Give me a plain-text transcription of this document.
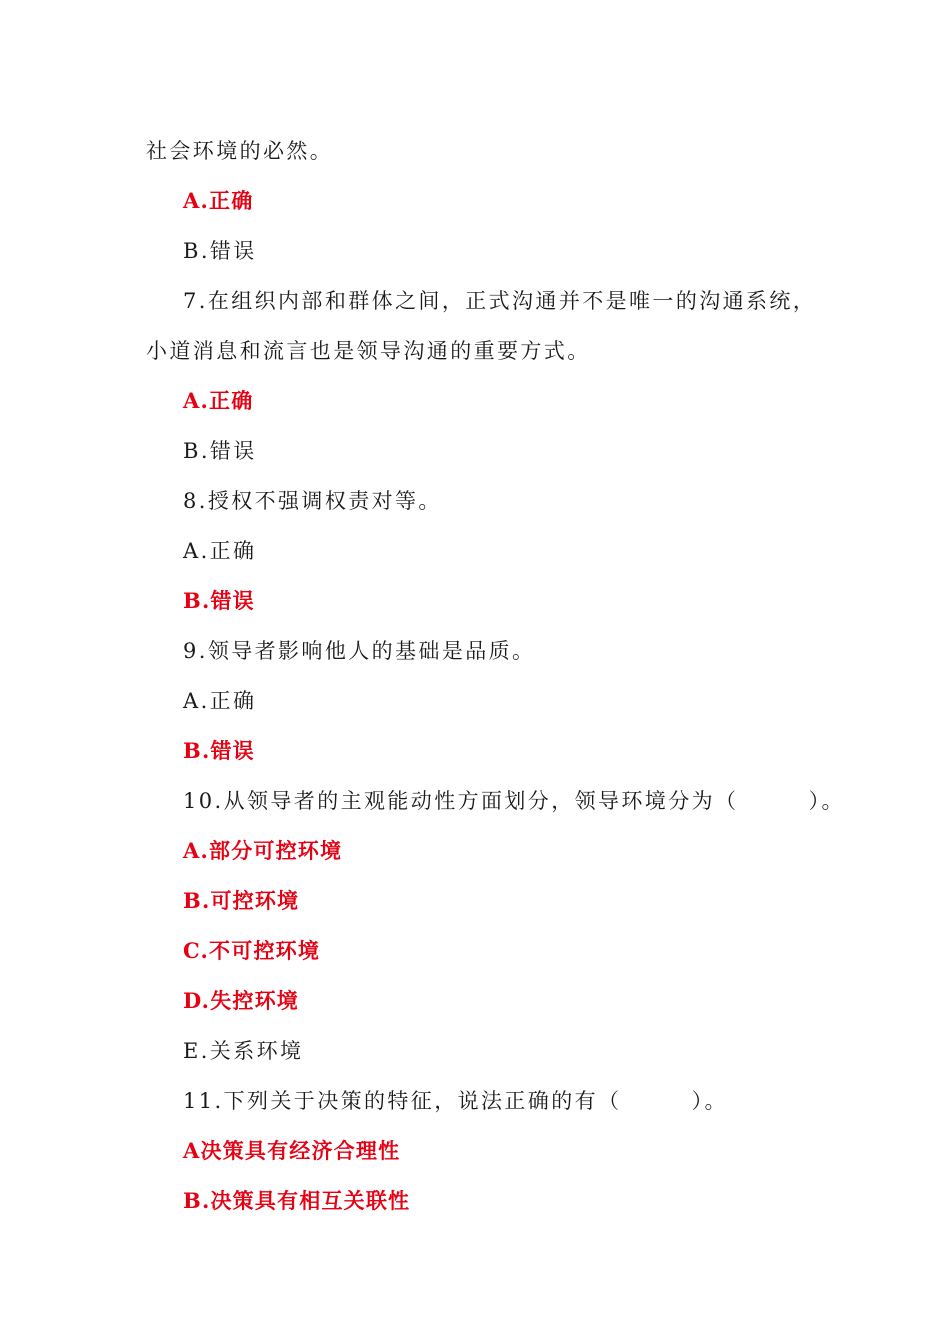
社会环境的必然。

A.正确

B.错误

7.在组织内部和群体之间，正式沟通并不是唯一的沟通系统，

小道消息和流言也是领导沟通的重要方式。

A.正确

B.错误

8.授权不强调权责对等。

A.正确

B.错误

9.领导者影响他人的基础是品质。

A.正确

B.错误

10.从领导者的主观能动性方面划分，领导环境分为（　　　）。

A.部分可控环境

B.可控环境

C.不可控环境

D.失控环境

E.关系环境

11.下列关于决策的特征，说法正确的有（　　　）。

A决策具有经济合理性

B.决策具有相互关联性
